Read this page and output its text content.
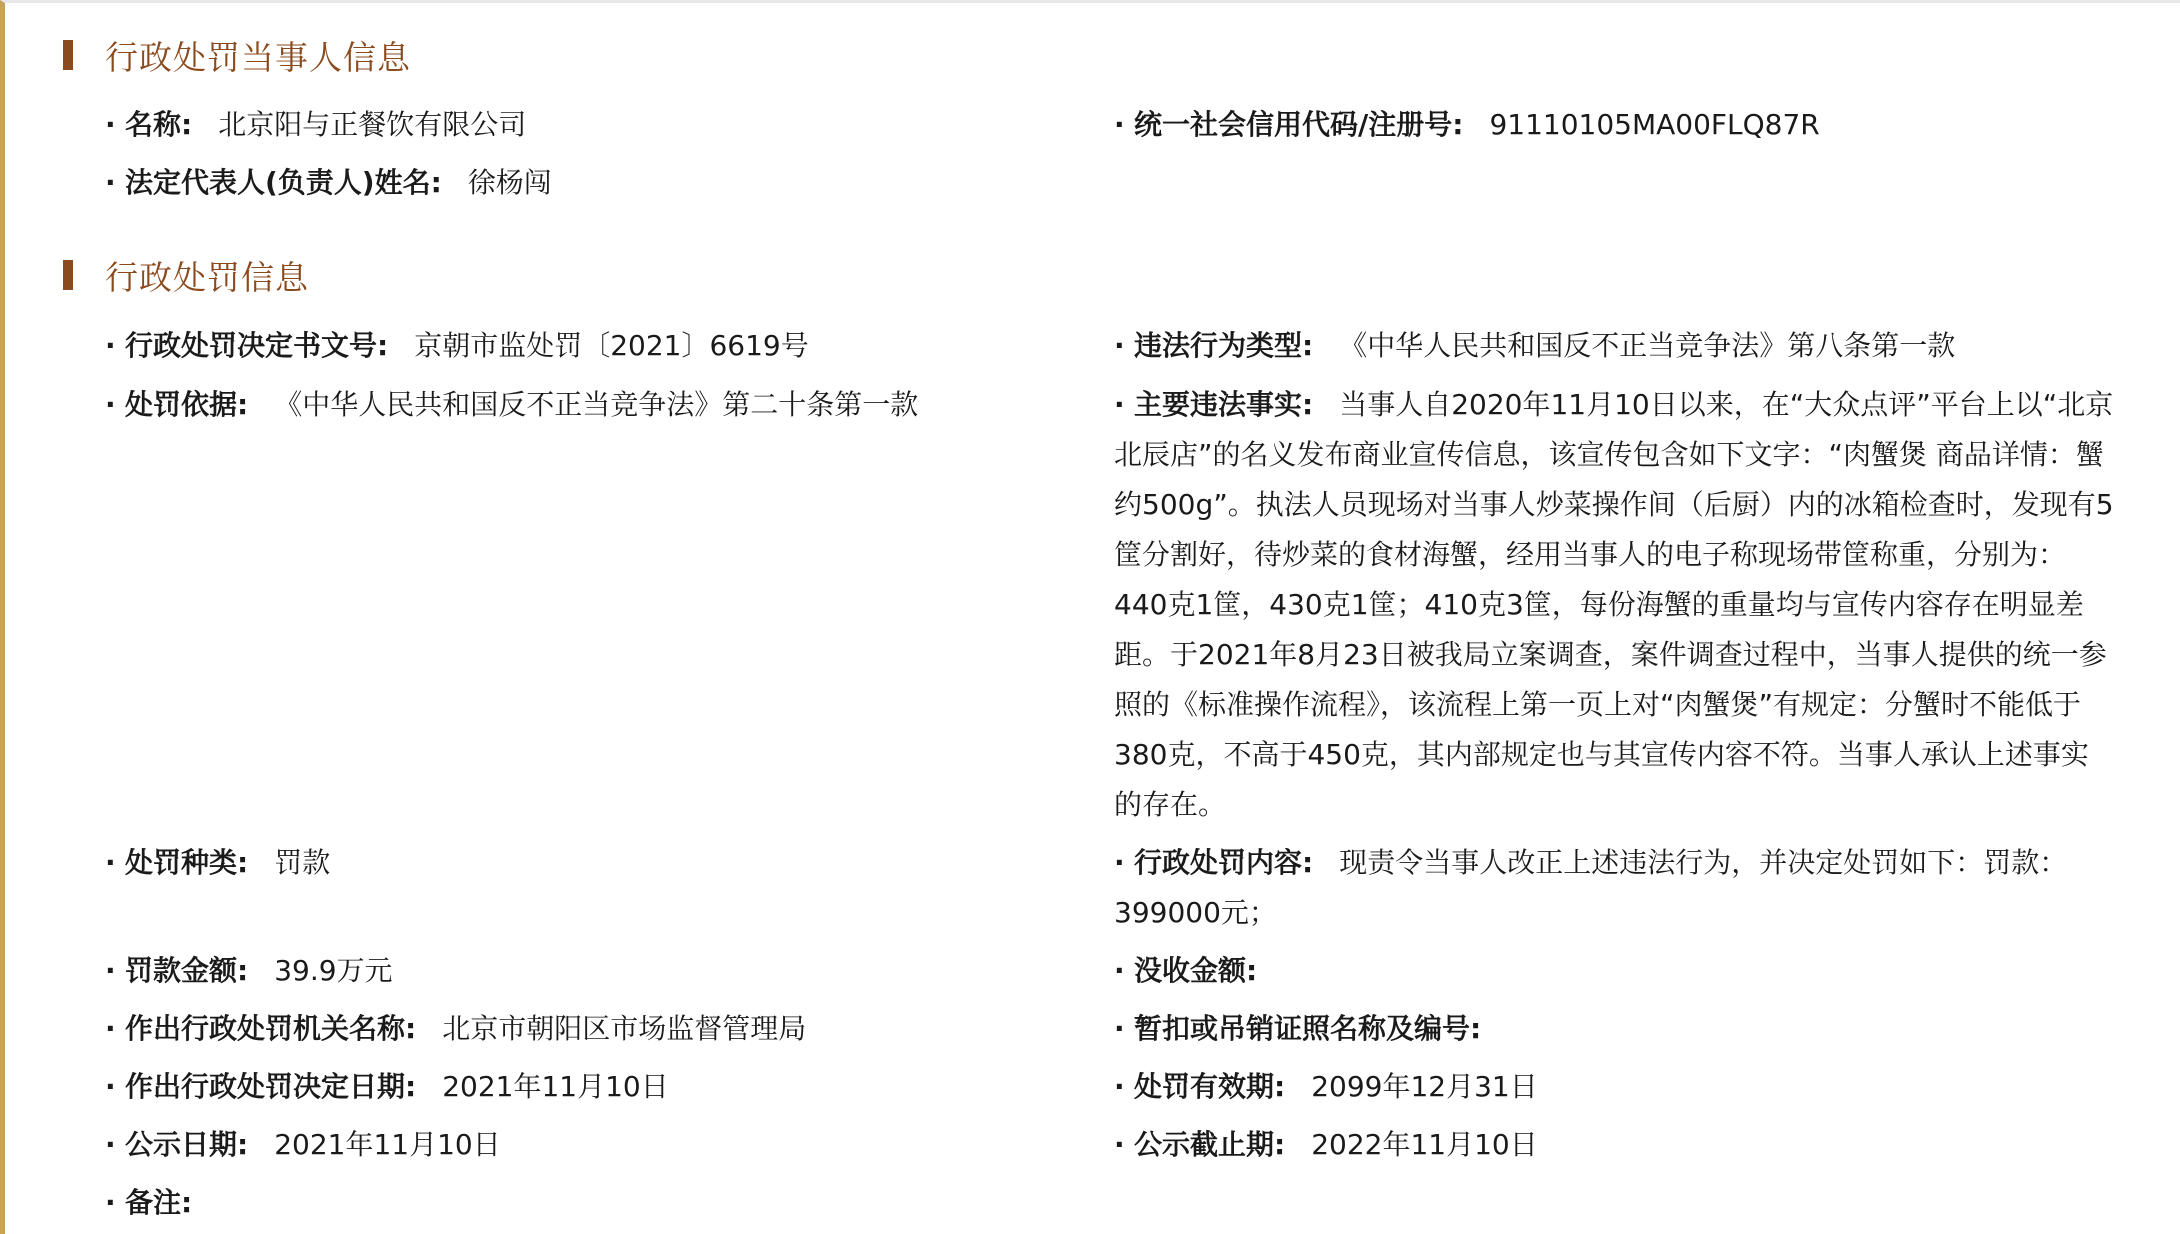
行政处罚当事人信息
· 名称: 北京阳与正餐饮有限公司	· 统一社会信用代码/注册号: 91110105MA00FLQ87R
· 法定代表人(负责人)姓名: 徐杨闯
行政处罚信息
· 行政处罚决定书文号: 京朝市监处罚〔2021〕6619号	· 违法行为类型: 《中华人民共和国反不正当竞争法》第八条第一款
· 处罚依据: 《中华人民共和国反不正当竞争法》第二十条第一款	· 主要违法事实: 当事人自2020年11月10日以来，在“大众点评”平台上以“北京北辰店”的名义发布商业宣传信息，该宣传包含如下文字：“肉蟹煲 商品详情：蟹约500g”。执法人员现场对当事人炒菜操作间（后厨）内的冰箱检查时，发现有5筐分割好，待炒菜的食材海蟹，经用当事人的电子称现场带筐称重，分别为：440克1筐，430克1筐；410克3筐，每份海蟹的重量均与宣传内容存在明显差距。于2021年8月23日被我局立案调查，案件调查过程中，当事人提供的统一参照的《标准操作流程》，该流程上第一页上对“肉蟹煲”有规定：分蟹时不能低于380克，不高于450克，其内部规定也与其宣传内容不符。当事人承认上述事实的存在。
· 处罚种类: 罚款	· 行政处罚内容: 现责令当事人改正上述违法行为，并决定处罚如下：罚款：399000元；
· 罚款金额: 39.9万元	· 没收金额:
· 作出行政处罚机关名称: 北京市朝阳区市场监督管理局	· 暂扣或吊销证照名称及编号:
· 作出行政处罚决定日期: 2021年11月10日	· 处罚有效期: 2099年12月31日
· 公示日期: 2021年11月10日	· 公示截止期: 2022年11月10日
· 备注:
